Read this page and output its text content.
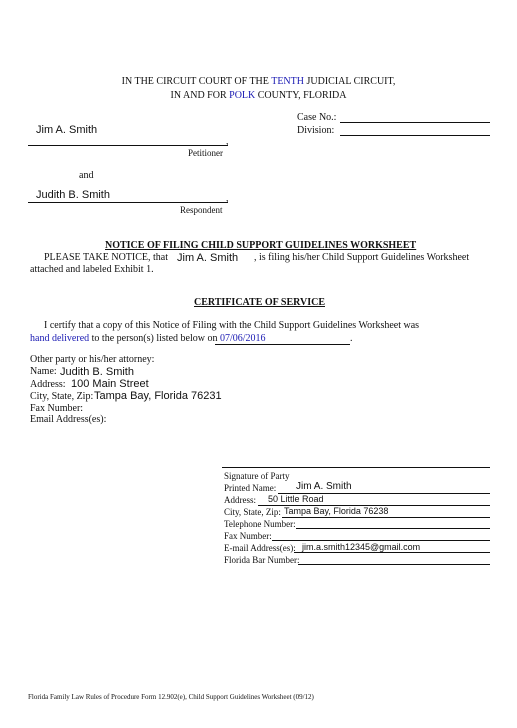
IN THE CIRCUIT COURT OF THE TENTH JUDICIAL CIRCUIT,
IN AND FOR POLK COUNTY, FLORIDA
Case No.:
Division:
Jim A. Smith
,
Petitioner
and
Judith B. Smith	,
Respondent
NOTICE OF FILING CHILD SUPPORT GUIDELINES WORKSHEET
PLEASE TAKE NOTICE, that Jim A. Smith , is filing his/her Child Support Guidelines Worksheet
attached and labeled Exhibit 1.
CERTIFICATE OF SERVICE
I certify that a copy of this Notice of Filing with the Child Support Guidelines Worksheet was
hand delivered to the person(s) listed below on 07/06/2016	.
Other party or his/her attorney:
Name: Judith B. Smith
Address: 100 Main Street
City, State, Zip: Tampa Bay, Florida 76231
Fax Number:
Email Address(es):
Signature of Party
Printed Name: Jim A. Smith
Address: 50 Little Road
City, State, Zip: Tampa Bay, Florida 76238
Telephone Number:
Fax Number:
E-mail Address(es): jim.a.smith12345@gmail.com
Florida Bar Number:
Florida Family Law Rules of Procedure Form 12.902(e), Child Support Guidelines Worksheet (09/12)
